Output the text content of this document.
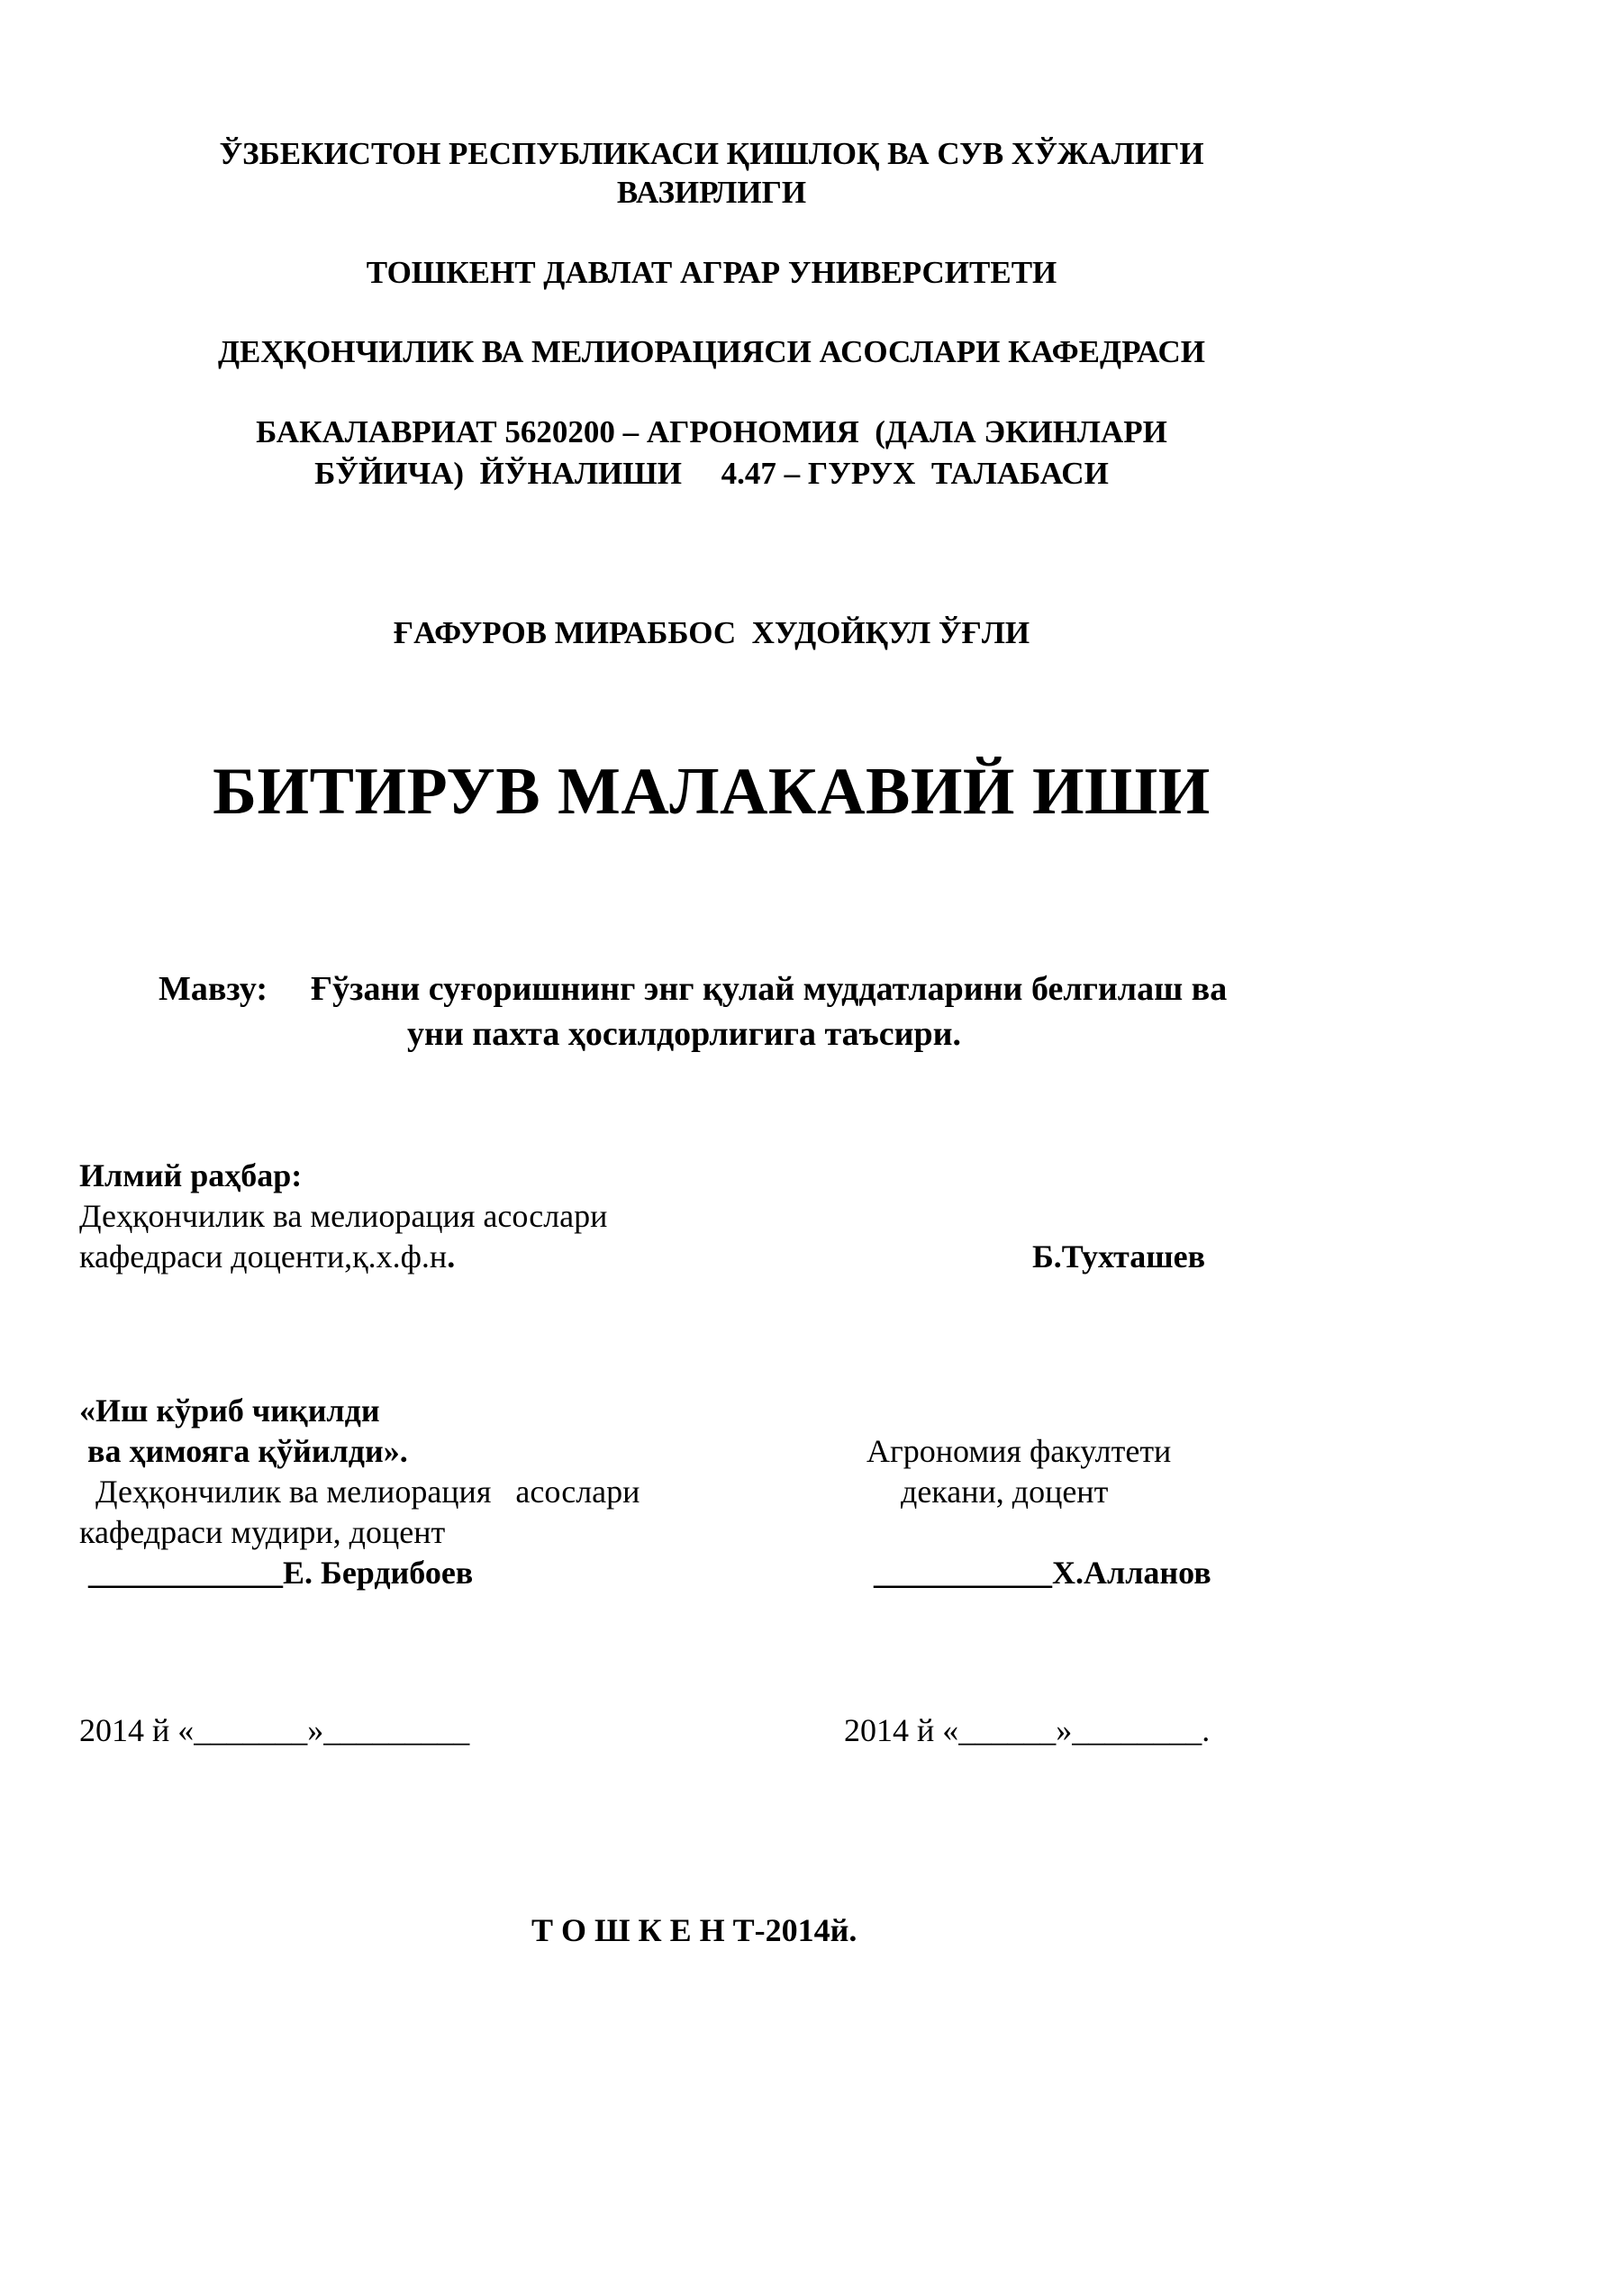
ЎЗБЕКИСТОН РЕСПУБЛИКАСИ ҚИШЛОҚ ВА СУВ ХЎЖАЛИГИ
ВАЗИРЛИГИ
ТОШКЕНТ ДАВЛАТ АГРАР УНИВЕРСИТЕТИ
ДЕҲҚОНЧИЛИК ВА МЕЛИОРАЦИЯСИ АСОСЛАРИ КАФЕДРАСИ
БАКАЛАВРИАТ 5620200 – АГРОНОМИЯ  (ДАЛА ЭКИНЛАРИ
БЎЙИЧА)  ЙЎНАЛИШИ     4.47 – ГУРУХ  ТАЛАБАСИ
ҒАФУРОВ МИРАББОС  ХУДОЙҚУЛ ЎҒЛИ
БИТИРУВ МАЛАКАВИЙ ИШИ
Мавзу: Ғўзани суғоришнинг энг қулай муддатларини белгилаш ва
уни пахта ҳосилдорлигига таъсири.
Илмий раҳбар:
Деҳқончилик ва мелиорация асослари
кафедраси доценти,қ.х.ф.н.	Б.Тухташев
«Иш кўриб чиқилди
ва ҳимояга қўйилди».
Деҳқончилик ва мелиорация   асослари
кафедраси мудири, доцент
____________Е. Бердибоев
Агрономия факултети
декани, доцент
___________Х.Алланов
2014 й «_______»_________	2014 й «______»________.
Т О Ш К Е Н Т-2014й.
